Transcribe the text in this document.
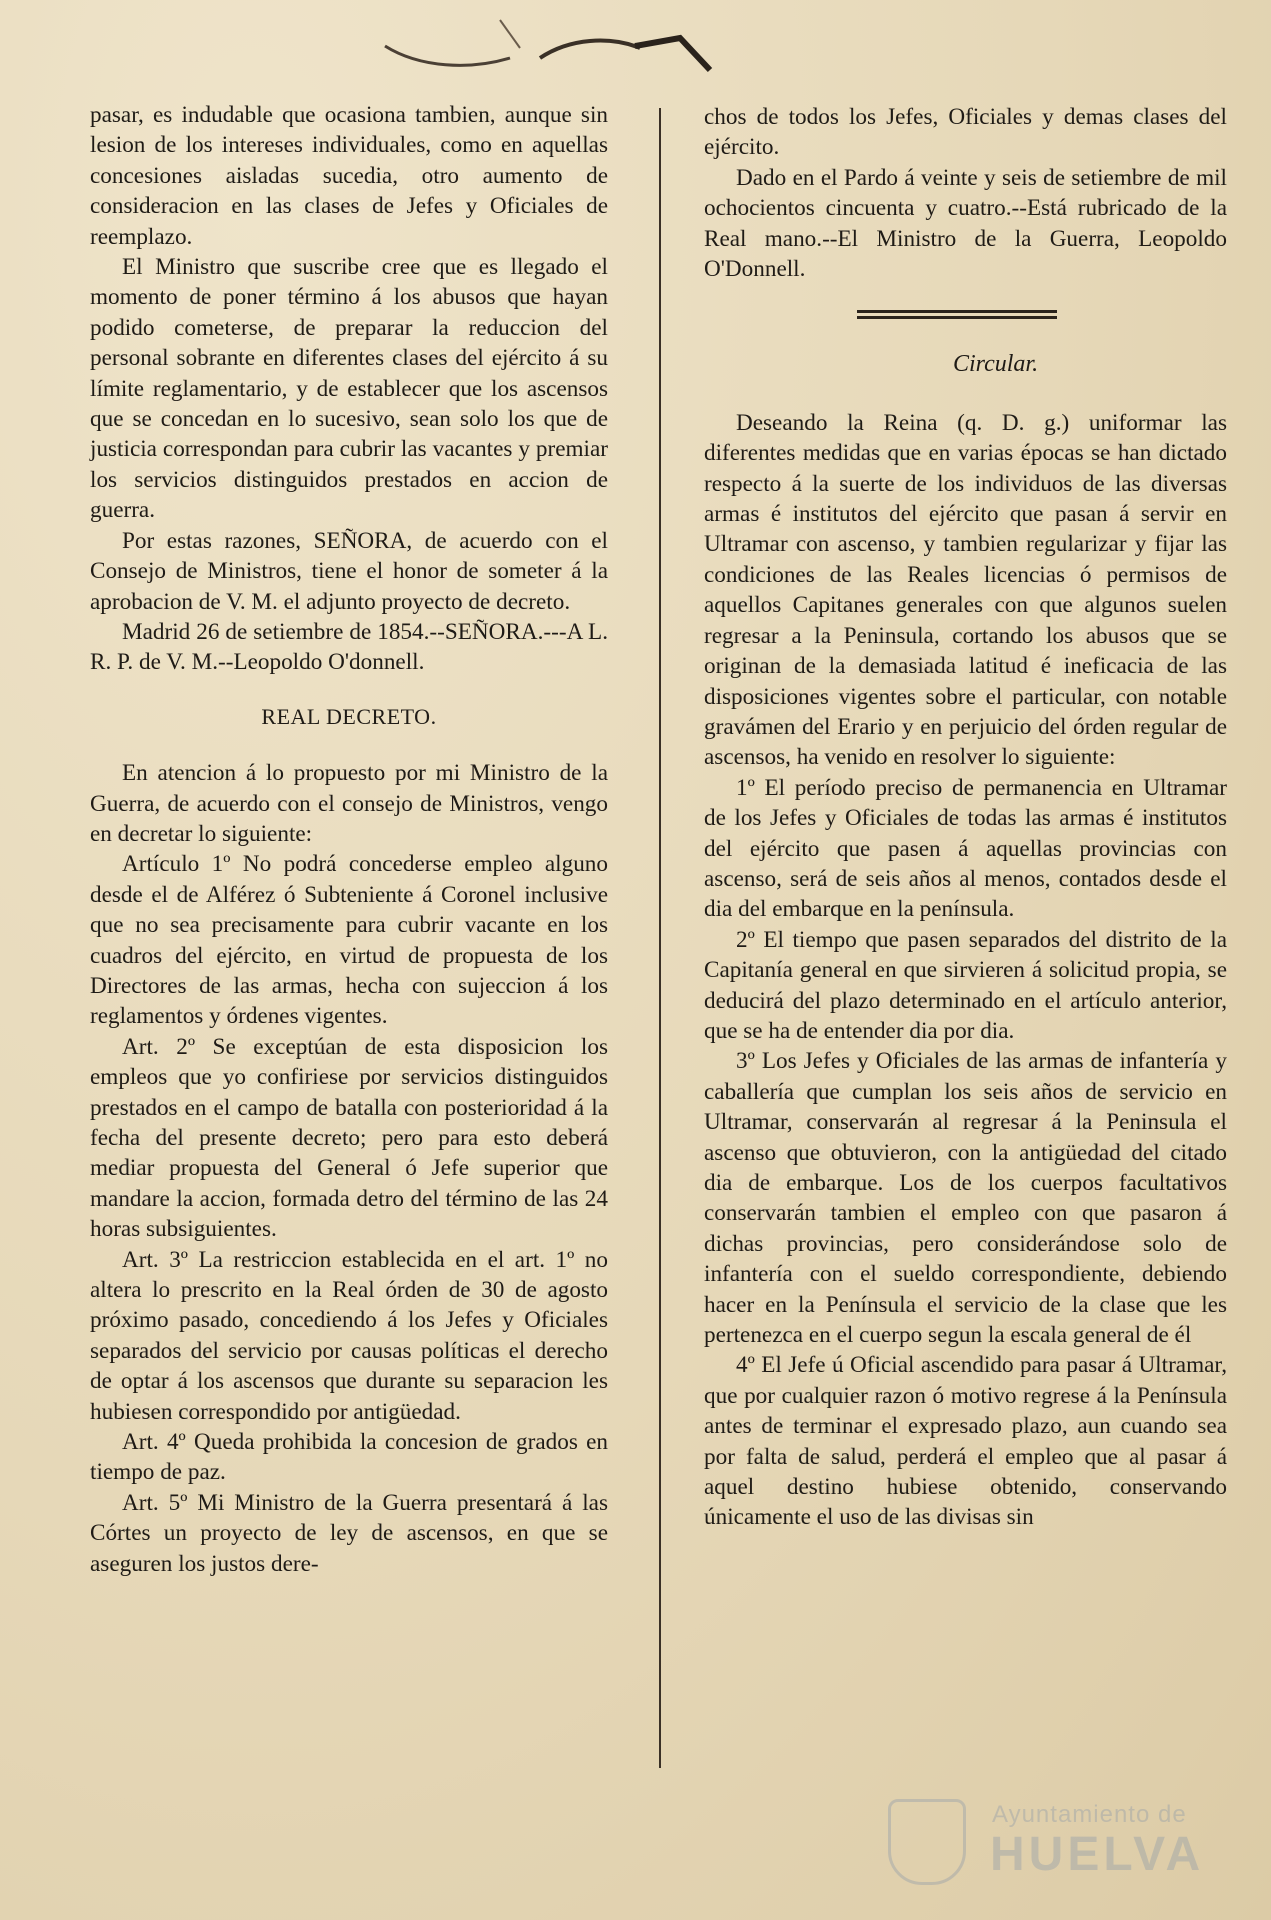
pasar, es indudable que ocasiona tambien, aunque sin lesion de los intereses individuales, como en aquellas concesiones aisladas sucedia, otro aumento de consideracion en las clases de Jefes y Oficiales de reemplazo.

El Ministro que suscribe cree que es llegado el momento de poner término á los abusos que hayan podido cometerse, de preparar la reduccion del personal sobrante en diferentes clases del ejército á su límite reglamentario, y de establecer que los ascensos que se concedan en lo sucesivo, sean solo los que de justicia correspondan para cubrir las vacantes y premiar los servicios distinguidos prestados en accion de guerra.

Por estas razones, SEÑORA, de acuerdo con el Consejo de Ministros, tiene el honor de someter á la aprobacion de V. M. el adjunto proyecto de decreto.

Madrid 26 de setiembre de 1854.--SEÑORA.---A L. R. P. de V. M.--Leopoldo O'donnell.

REAL DECRETO.

En atencion á lo propuesto por mi Ministro de la Guerra, de acuerdo con el consejo de Ministros, vengo en decretar lo siguiente:

Artículo 1º No podrá concederse empleo alguno desde el de Alférez ó Subteniente á Coronel inclusive que no sea precisamente para cubrir vacante en los cuadros del ejército, en virtud de propuesta de los Directores de las armas, hecha con sujeccion á los reglamentos y órdenes vigentes.

Art. 2º Se exceptúan de esta disposicion los empleos que yo confiriese por servicios distinguidos prestados en el campo de batalla con posterioridad á la fecha del presente decreto; pero para esto deberá mediar propuesta del General ó Jefe superior que mandare la accion, formada detro del término de las 24 horas subsiguientes.

Art. 3º La restriccion establecida en el art. 1º no altera lo prescrito en la Real órden de 30 de agosto próximo pasado, concediendo á los Jefes y Oficiales separados del servicio por causas políticas el derecho de optar á los ascensos que durante su separacion les hubiesen correspondido por antigüedad.

Art. 4º Queda prohibida la concesion de grados en tiempo de paz.

Art. 5º Mi Ministro de la Guerra presentará á las Córtes un proyecto de ley de ascensos, en que se aseguren los justos dere-

chos de todos los Jefes, Oficiales y demas clases del ejército.

Dado en el Pardo á veinte y seis de setiembre de mil ochocientos cincuenta y cuatro.--Está rubricado de la Real mano.--El Ministro de la Guerra, Leopoldo O'Donnell.

Circular.

Deseando la Reina (q. D. g.) uniformar las diferentes medidas que en varias épocas se han dictado respecto á la suerte de los individuos de las diversas armas é institutos del ejército que pasan á servir en Ultramar con ascenso, y tambien regularizar y fijar las condiciones de las Reales licencias ó permisos de aquellos Capitanes generales con que algunos suelen regresar a la Peninsula, cortando los abusos que se originan de la demasiada latitud é ineficacia de las disposiciones vigentes sobre el particular, con notable gravámen del Erario y en perjuicio del órden regular de ascensos, ha venido en resolver lo siguiente:

1º El período preciso de permanencia en Ultramar de los Jefes y Oficiales de todas las armas é institutos del ejército que pasen á aquellas provincias con ascenso, será de seis años al menos, contados desde el dia del embarque en la península.

2º El tiempo que pasen separados del distrito de la Capitanía general en que sirvieren á solicitud propia, se deducirá del plazo determinado en el artículo anterior, que se ha de entender dia por dia.

3º Los Jefes y Oficiales de las armas de infantería y caballería que cumplan los seis años de servicio en Ultramar, conservarán al regresar á la Peninsula el ascenso que obtuvieron, con la antigüedad del citado dia de embarque. Los de los cuerpos facultativos conservarán tambien el empleo con que pasaron á dichas provincias, pero considerándose solo de infantería con el sueldo correspondiente, debiendo hacer en la Península el servicio de la clase que les pertenezca en el cuerpo segun la escala general de él

4º El Jefe ú Oficial ascendido para pasar á Ultramar, que por cualquier razon ó motivo regrese á la Península antes de terminar el expresado plazo, aun cuando sea por falta de salud, perderá el empleo que al pasar á aquel destino hubiese obtenido, conservando únicamente el uso de las divisas sin

Ayuntamiento de
HUELVA
